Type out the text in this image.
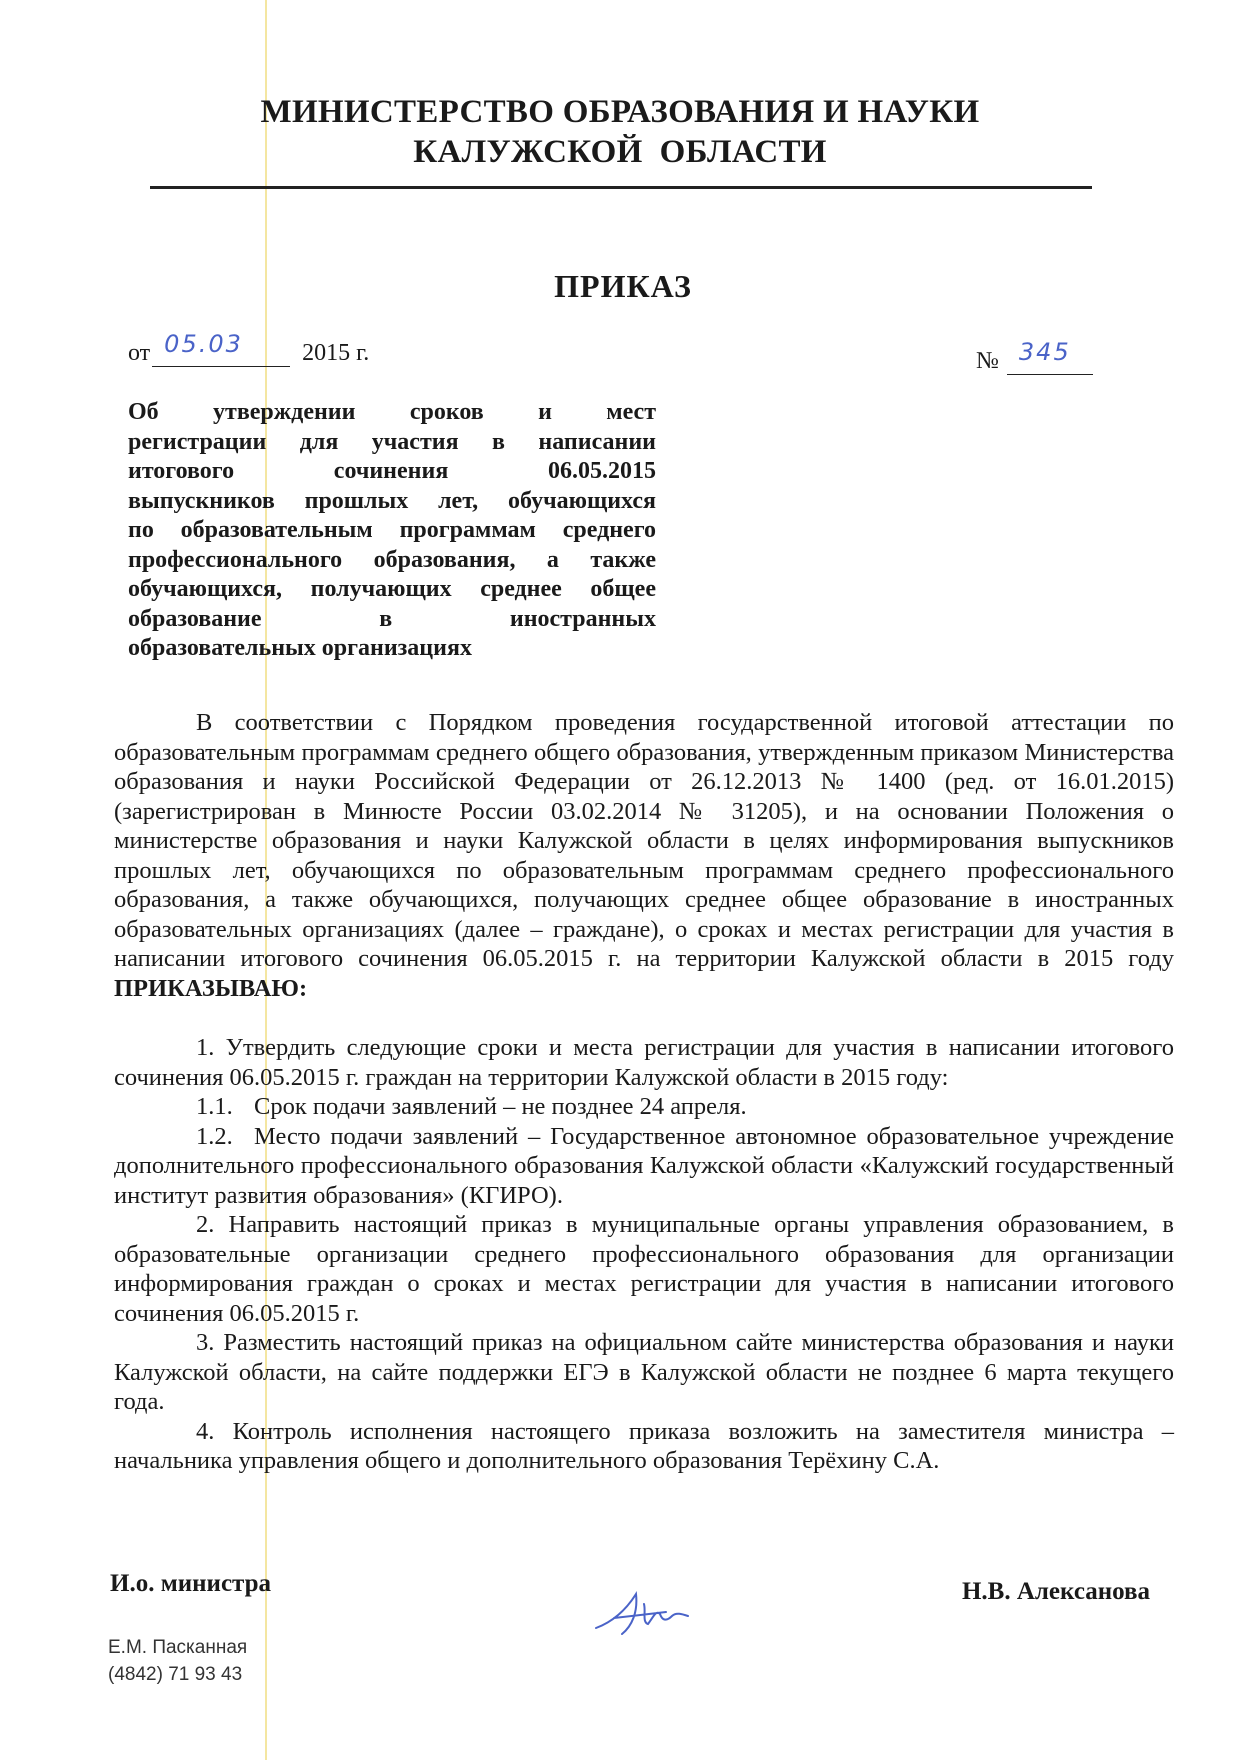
МИНИСТЕРСТВО ОБРАЗОВАНИЯ И НАУКИ
КАЛУЖСКОЙ  ОБЛАСТИ
ПРИКАЗ
от 05.03 2015 г.	№ 345
Об утверждении сроков и мест
регистрации для участия в написании
итогового сочинения 06.05.2015
выпускников прошлых лет, обучающихся
по образовательным программам среднего
профессионального образования, а также
обучающихся, получающих среднее общее
образование в иностранных
образовательных организациях

В соответствии с Порядком проведения государственной итоговой аттестации по образовательным программам среднего общего образования, утвержденным приказом Министерства образования и науки Российской Федерации от 26.12.2013 № 1400 (ред. от 16.01.2015) (зарегистрирован в Минюсте России 03.02.2014 № 31205), и на основании Положения о министерстве образования и науки Калужской области в целях информирования выпускников прошлых лет, обучающихся по образовательным программам среднего профессионального образования, а также обучающихся, получающих среднее общее образование в иностранных образовательных организациях (далее – граждане), о сроках и местах регистрации для участия в написании итогового сочинения 06.05.2015 г. на территории Калужской области в 2015 году ПРИКАЗЫВАЮ:

1. Утвердить следующие сроки и места регистрации для участия в написании итогового сочинения 06.05.2015 г. граждан на территории Калужской области в 2015 году:

1.1. Срок подачи заявлений – не позднее 24 апреля.

1.2. Место подачи заявлений – Государственное автономное образовательное учреждение дополнительного профессионального образования Калужской области «Калужский государственный институт развития образования» (КГИРО).

2. Направить настоящий приказ в муниципальные органы управления образованием, в образовательные организации среднего профессионального образования для организации информирования граждан о сроках и местах регистрации для участия в написании итогового сочинения 06.05.2015 г.

3. Разместить настоящий приказ на официальном сайте министерства образования и науки Калужской области, на сайте поддержки ЕГЭ в Калужской области не позднее 6 марта текущего года.

4. Контроль исполнения настоящего приказа возложить на заместителя министра – начальника управления общего и дополнительного образования Терёхину С.А.

И.о. министра	Н.В. Алексанова
Е.М. Пасканная
(4842) 71 93 43
